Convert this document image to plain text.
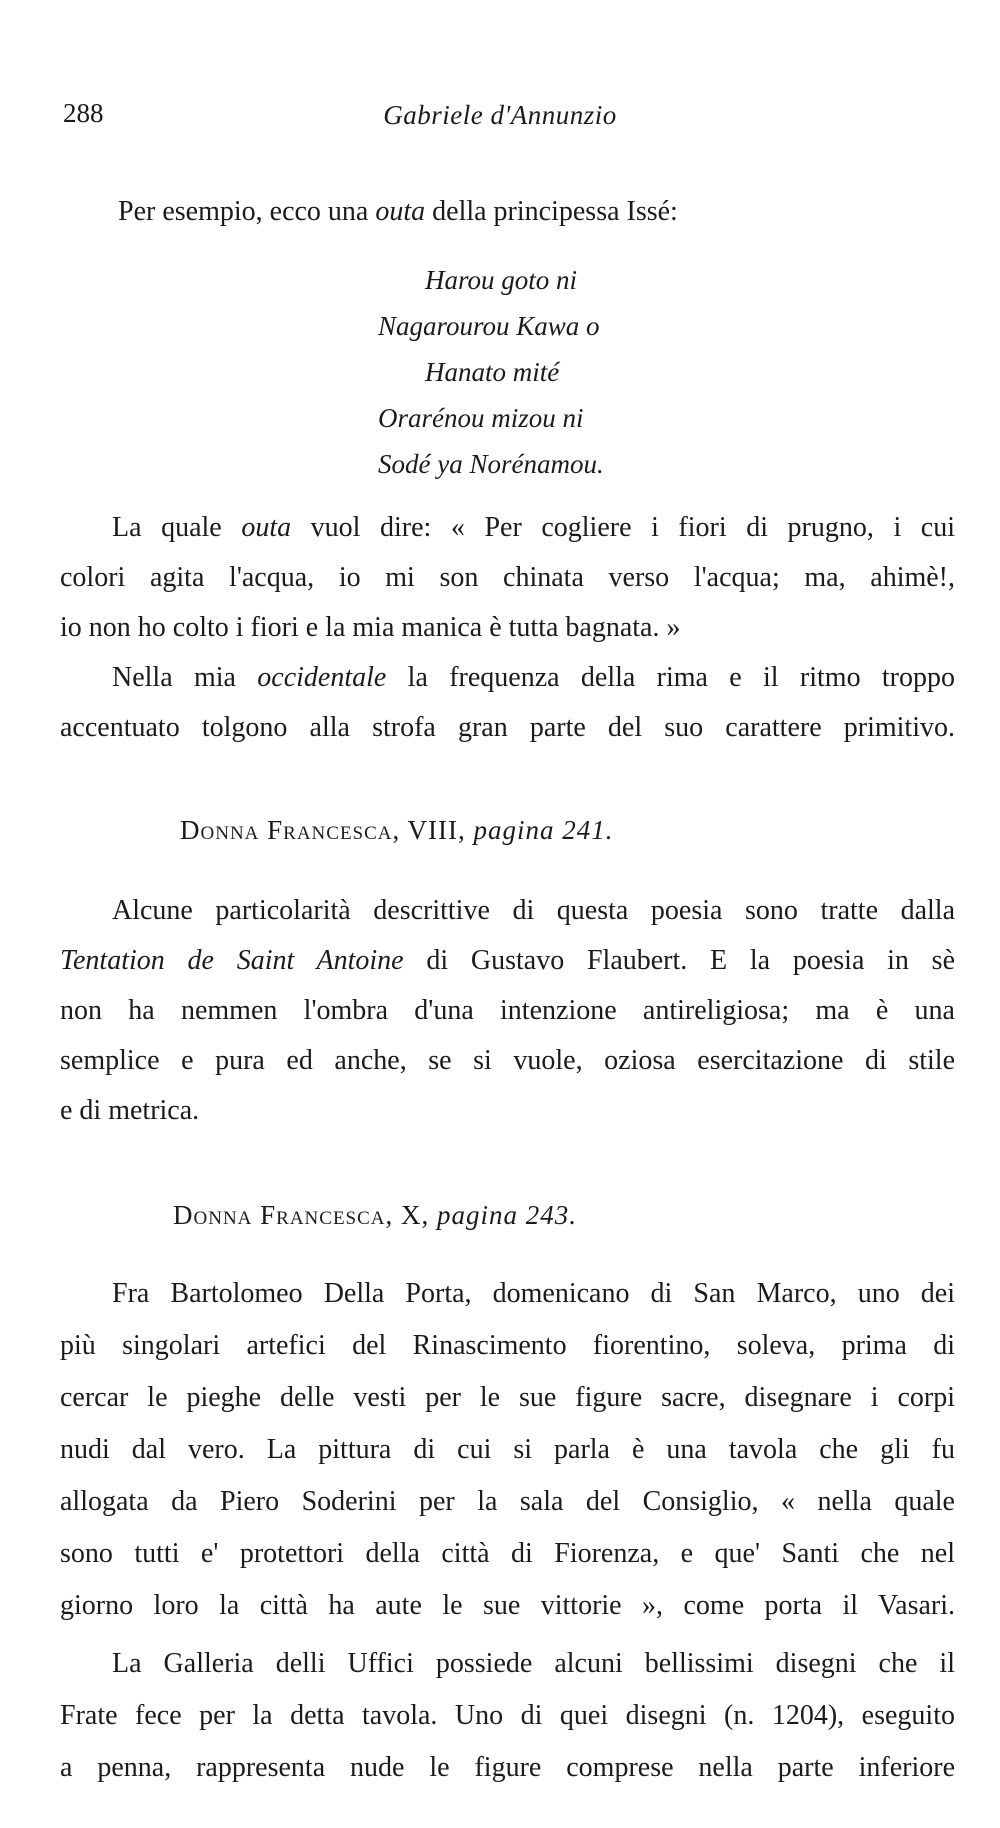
288	Gabriele d'Annunzio
Per esempio, ecco una outa della principessa Issé:
Harou goto ni
Nagarourou Kawa o
Hanato mité
Orarénou mizou ni
Sodé ya Norénamou.
La quale outa vuol dire: « Per cogliere i fiori di prugno, i cui
colori agita l'acqua, io mi son chinata verso l'acqua; ma, ahimè!,
io non ho colto i fiori e la mia manica è tutta bagnata. »
Nella mia occidentale la frequenza della rima e il ritmo troppo
accentuato tolgono alla strofa gran parte del suo carattere primitivo.
Donna Francesca, VIII, pagina 241.
Alcune particolarità descrittive di questa poesia sono tratte dalla
Tentation de Saint Antoine di Gustavo Flaubert. E la poesia in sè
non ha nemmen l'ombra d'una intenzione antireligiosa; ma è una
semplice e pura ed anche, se si vuole, oziosa esercitazione di stile
e di metrica.
Donna Francesca, X, pagina 243.
Fra Bartolomeo Della Porta, domenicano di San Marco, uno dei
più singolari artefici del Rinascimento fiorentino, soleva, prima di
cercar le pieghe delle vesti per le sue figure sacre, disegnare i corpi
nudi dal vero. La pittura di cui si parla è una tavola che gli fu
allogata da Piero Soderini per la sala del Consiglio, « nella quale
sono tutti e' protettori della città di Fiorenza, e que' Santi che nel
giorno loro la città ha aute le sue vittorie », come porta il Vasari.
La Galleria delli Uffici possiede alcuni bellissimi disegni che il
Frate fece per la detta tavola. Uno di quei disegni (n. 1204), eseguito
a penna, rappresenta nude le figure comprese nella parte inferiore
